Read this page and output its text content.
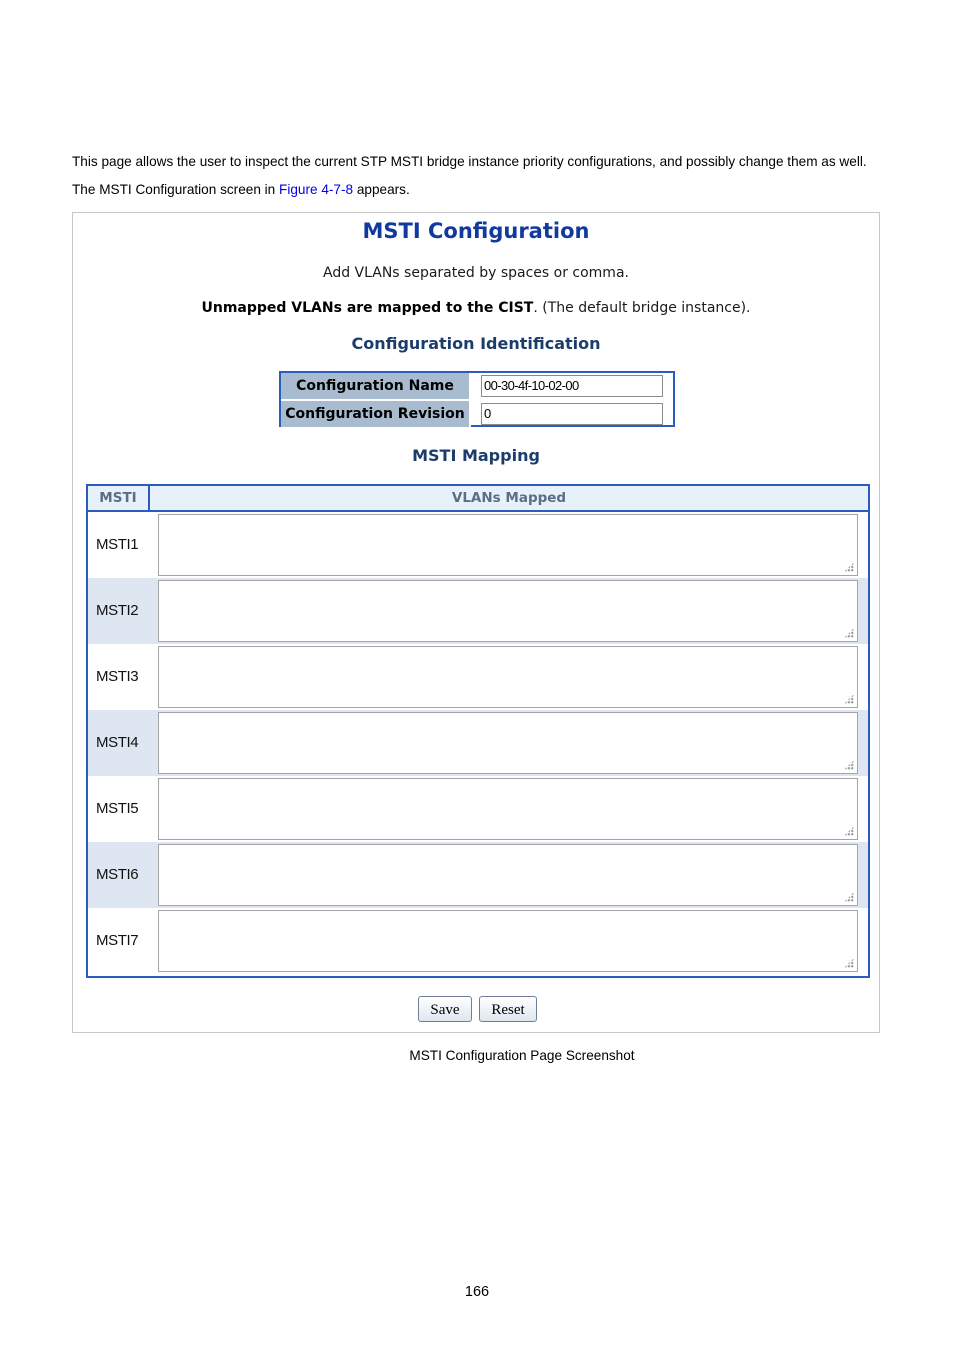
This page allows the user to inspect the current STP MSTI bridge instance priority configurations, and possibly change them as well. The MSTI Configuration screen in Figure 4-7-8 appears.
MSTI Configuration
Add VLANs separated by spaces or comma.
Unmapped VLANs are mapped to the CIST. (The default bridge instance).
Configuration Identification
Configuration Name	00-30-4f-10-02-00
Configuration Revision	0
MSTI Mapping
MSTI	VLANs Mapped
MSTI1
MSTI2
MSTI3
MSTI4
MSTI5
MSTI6
MSTI7
Save	Reset
MSTI Configuration Page Screenshot
166
